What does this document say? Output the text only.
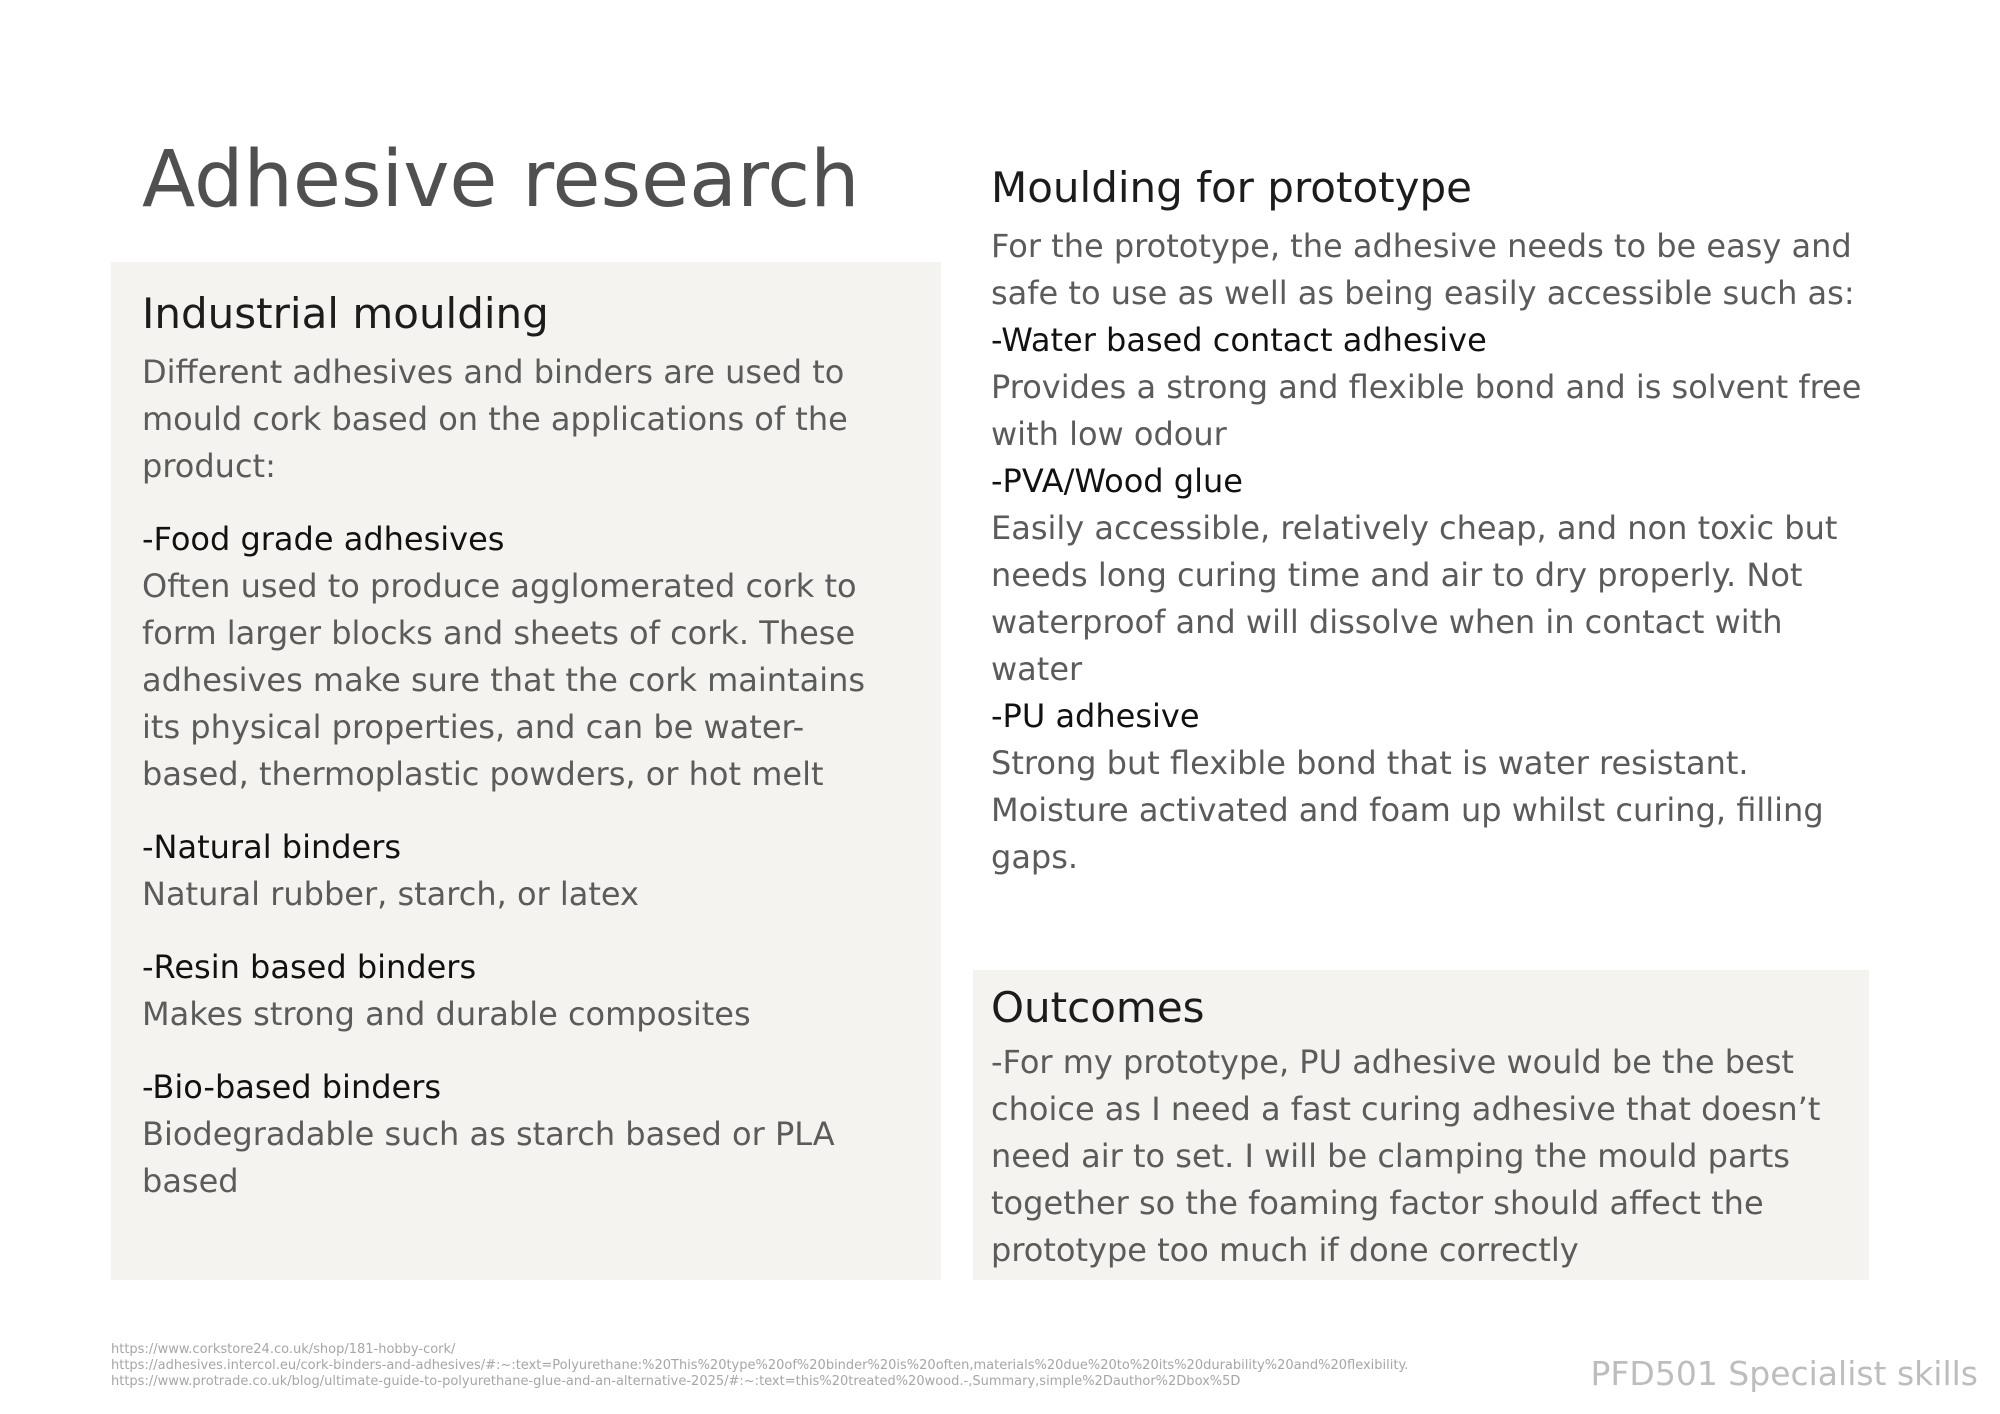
Adhesive research
Industrial moulding

Different adhesives and binders are used to mould cork based on the applications of the product:

-Food grade adhesives

Often used to produce agglomerated cork to form larger blocks and sheets of cork. These adhesives make sure that the cork maintains its physical properties, and can be water-based, thermoplastic powders, or hot melt

-Natural binders

Natural rubber, starch, or latex

-Resin based binders

Makes strong and durable composites

-Bio-based binders

Biodegradable such as starch based or PLA based

Moulding for prototype

For the prototype, the adhesive needs to be easy and safe to use as well as being easily accessible such as:

-Water based contact adhesive

Provides a strong and flexible bond and is solvent free with low odour

-PVA/Wood glue

Easily accessible, relatively cheap, and non toxic but needs long curing time and air to dry properly. Not waterproof and will dissolve when in contact with water

-PU adhesive

Strong but flexible bond that is water resistant. Moisture activated and foam up whilst curing, filling gaps.

Outcomes

-For my prototype, PU adhesive would be the best choice as I need a fast curing adhesive that doesn’t need air to set. I will be clamping the mould parts together so the foaming factor should affect the prototype too much if done correctly

https://www.corkstore24.co.uk/shop/181-hobby-cork/
https://adhesives.intercol.eu/cork-binders-and-adhesives/#:~:text=Polyurethane:%20This%20type%20of%20binder%20is%20often,materials%20due%20to%20its%20durability%20and%20flexibility.
https://www.protrade.co.uk/blog/ultimate-guide-to-polyurethane-glue-and-an-alternative-2025/#:~:text=this%20treated%20wood.-,Summary,simple%2Dauthor%2Dbox%5D	PFD501 Specialist skills
